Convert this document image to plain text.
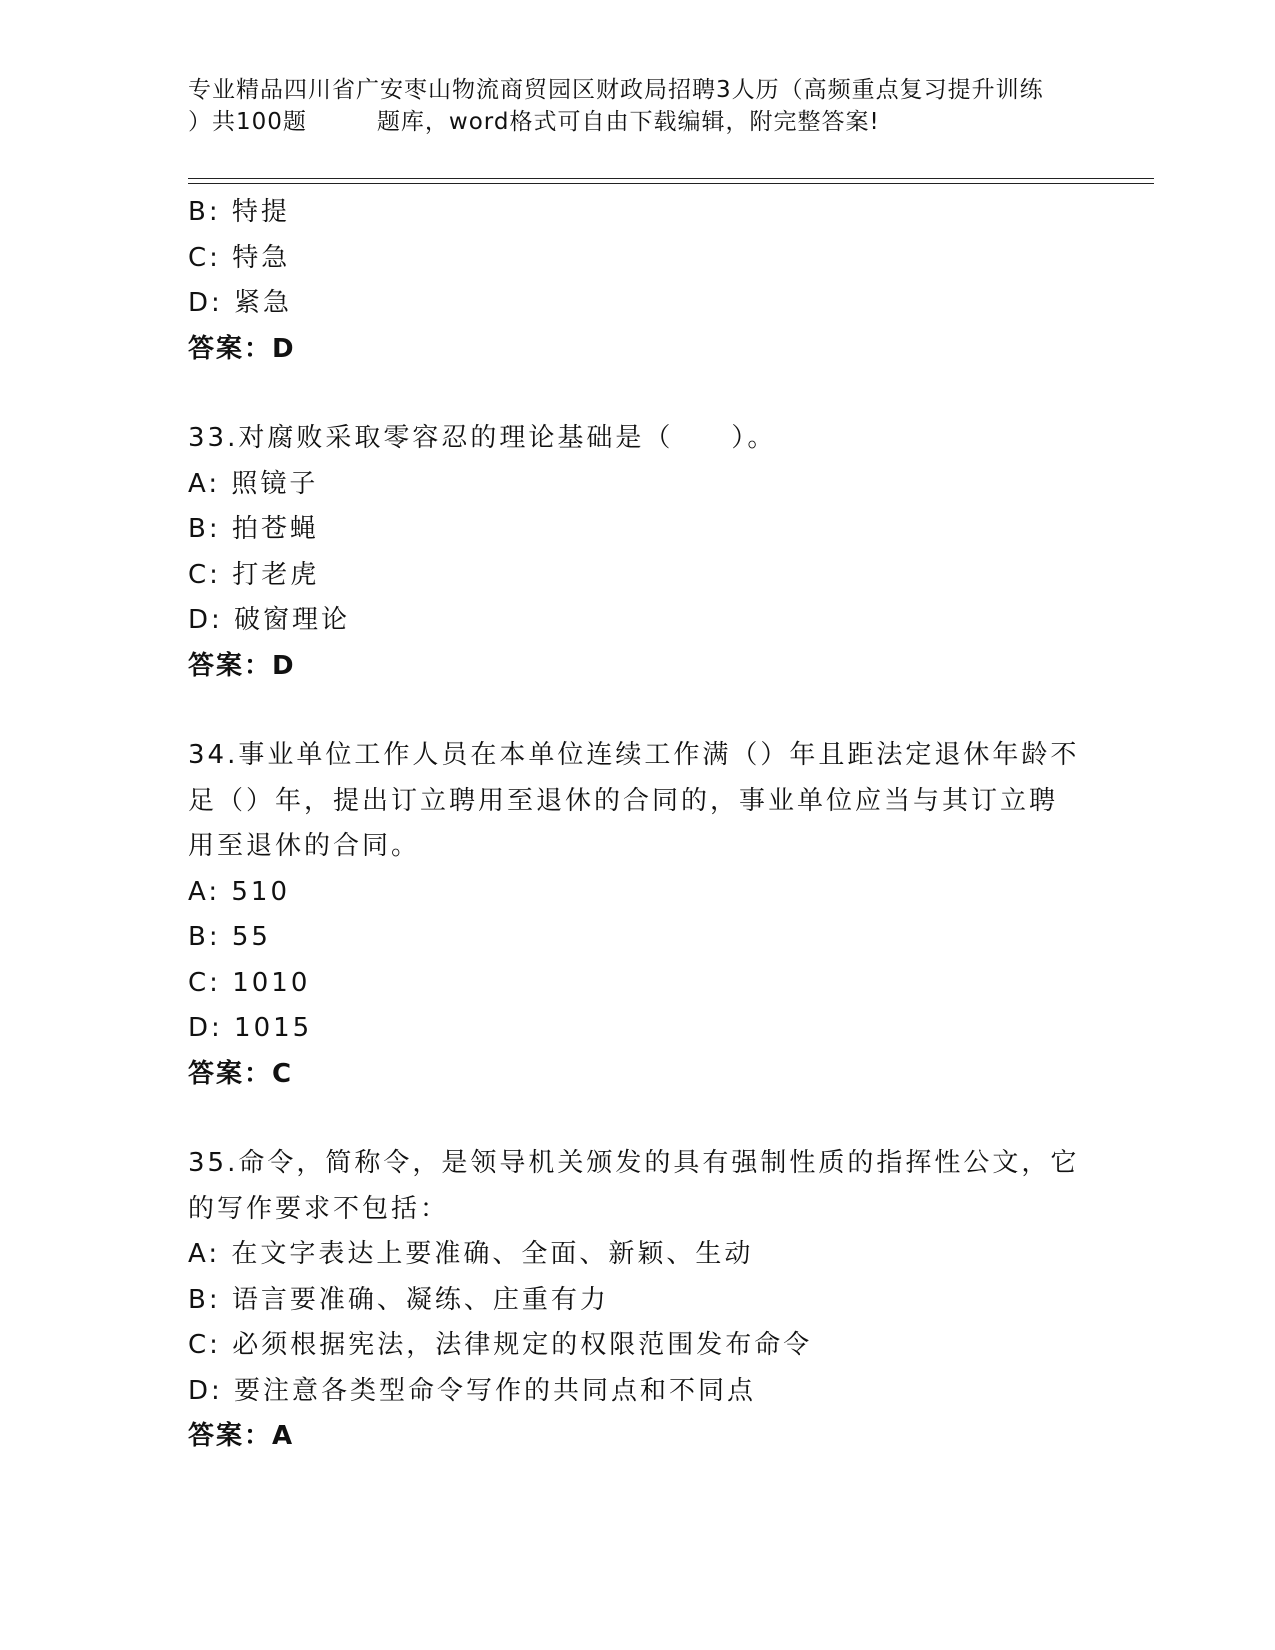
专业精品四川省广安枣山物流商贸园区财政局招聘3人历（高频重点复习提升训练
）共100题	题库，word格式可自由下载编辑，附完整答案!
B: 特提
C: 特急
D: 紧急
答案：D
33.对腐败采取零容忍的理论基础是（　　）。
A: 照镜子
B: 拍苍蝇
C: 打老虎
D: 破窗理论
答案：D
34.事业单位工作人员在本单位连续工作满（）年且距法定退休年龄不
足（）年，提出订立聘用至退休的合同的，事业单位应当与其订立聘
用至退休的合同。
A: 510
B: 55
C: 1010
D: 1015
答案：C
35.命令，简称令，是领导机关颁发的具有强制性质的指挥性公文，它
的写作要求不包括：
A: 在文字表达上要准确、全面、新颖、生动
B: 语言要准确、凝练、庄重有力
C: 必须根据宪法，法律规定的权限范围发布命令
D: 要注意各类型命令写作的共同点和不同点
答案：A
